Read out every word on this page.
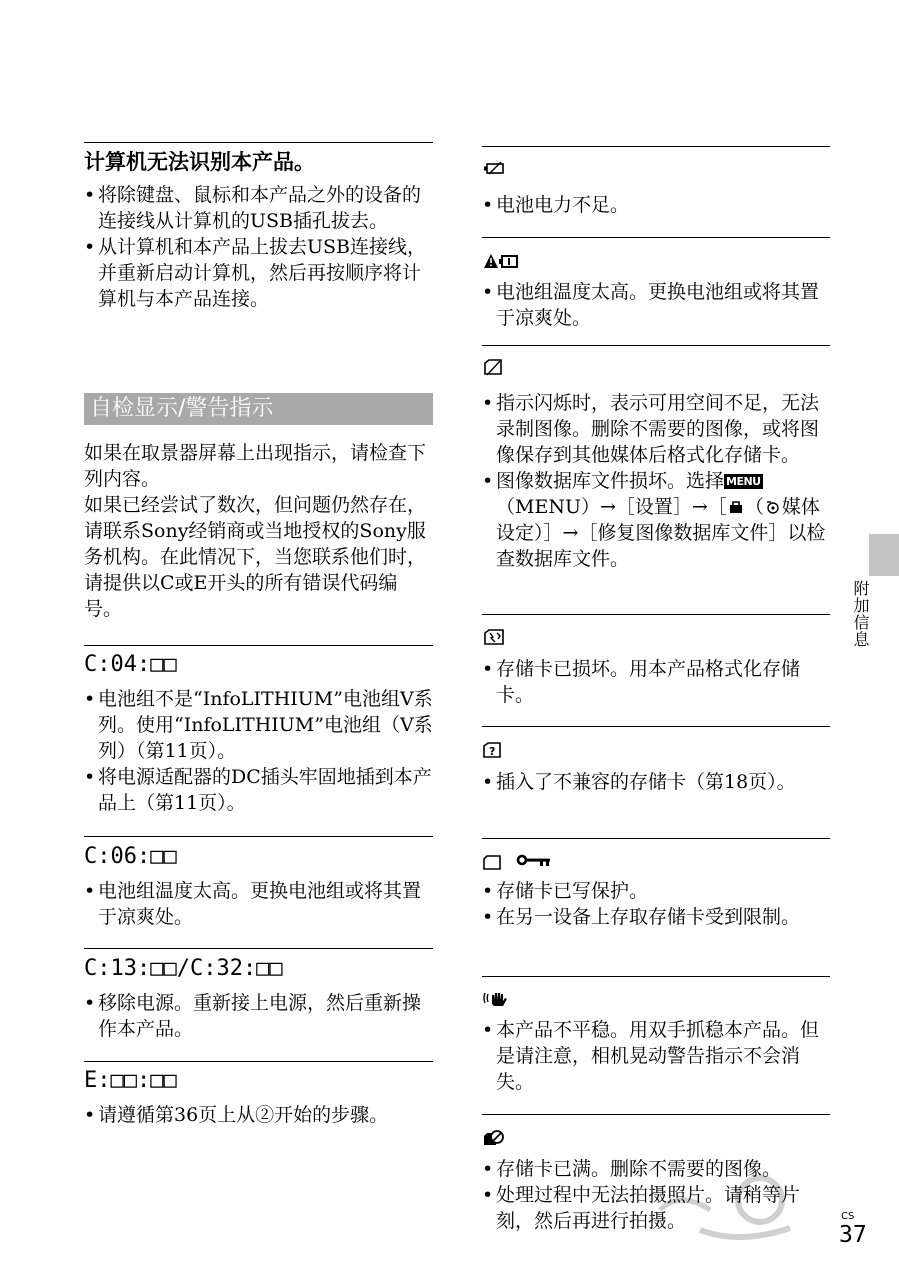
计算机无法识别本产品。
• 将除键盘、鼠标和本产品之外的设备的连接线从计算机的USB插孔拔去。
• 从计算机和本产品上拔去USB连接线，并重新启动计算机，然后再按顺序将计算机与本产品连接。
自检显示/警告指示
如果在取景器屏幕上出现指示，请检查下列内容。
如果已经尝试了数次，但问题仍然存在，请联系Sony经销商或当地授权的Sony服务机构。在此情况下，当您联系他们时，请提供以C或E开头的所有错误代码编号。
C:04:□□
• 电池组不是“InfoLITHIUM”电池组V系列。使用“InfoLITHIUM”电池组（V系列）（第11页）。
• 将电源适配器的DC插头牢固地插到本产品上（第11页）。
C:06:□□
• 电池组温度太高。更换电池组或将其置于凉爽处。
C:13:□□/C:32:□□
• 移除电源。重新接上电源，然后重新操作本产品。
E:□□:□□
• 请遵循第36页上从②开始的步骤。
• 电池电力不足。
• 电池组温度太高。更换电池组或将其置于凉爽处。
• 指示闪烁时，表示可用空间不足，无法录制图像。删除不需要的图像，或将图像保存到其他媒体后格式化存储卡。
• 图像数据库文件损坏。选择 MENU（MENU）→［设置］→［ （ 媒体设定）］→［修复图像数据库文件］以检查数据库文件。
• 存储卡已损坏。用本产品格式化存储卡。
?
• 插入了不兼容的存储卡（第18页）。
• 存储卡已写保护。
• 在另一设备上存取存储卡受到限制。
• 本产品不平稳。用双手抓稳本产品。但是请注意，相机晃动警告指示不会消失。
• 存储卡已满。删除不需要的图像。
• 处理过程中无法拍摄照片。请稍等片刻，然后再进行拍摄。
附加信息
CS
37
